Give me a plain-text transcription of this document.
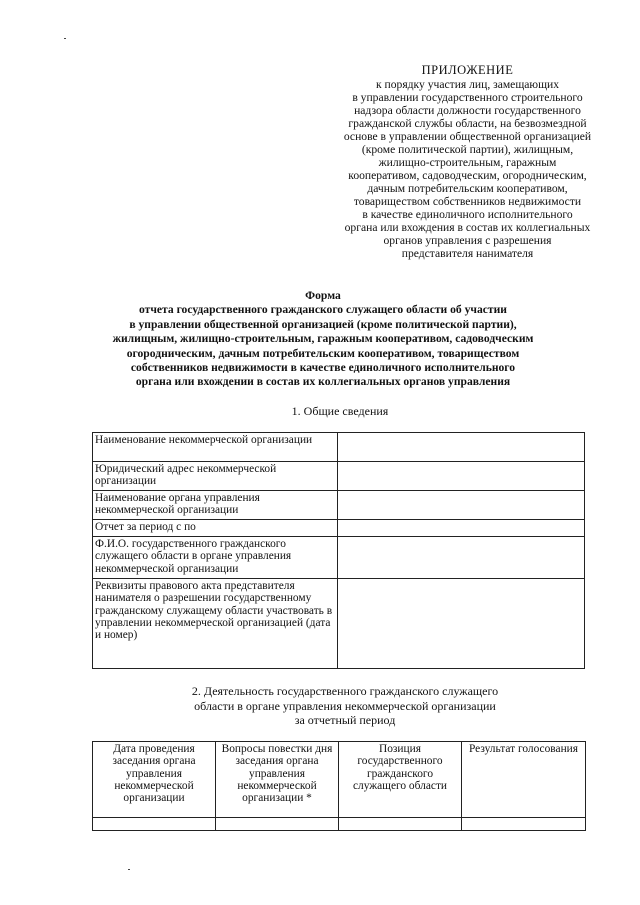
ПРИЛОЖЕНИЕ
к порядку участия лиц, замещающих
в управлении государственного строительного
надзора области должности государственного
гражданской службы области, на безвозмездной
основе в управлении общественной организацией
(кроме политической партии), жилищным,
жилищно-строительным, гаражным
кооперативом, садоводческим, огородническим,
дачным потребительским кооперативом,
товариществом собственников недвижимости
в качестве единоличного исполнительного
органа или вхождения в состав их коллегиальных
органов управления с разрешения
представителя нанимателя
Форма
отчета государственного гражданского служащего области об участии
в управлении общественной организацией (кроме политической партии),
жилищным, жилищно-строительным, гаражным кооперативом, садоводческим
огородническим, дачным потребительским кооперативом, товариществом
собственников недвижимости в качестве единоличного исполнительного
органа или вхождении в состав их коллегиальных органов управления
1. Общие сведения
Наименование некоммерческой организации	
Юридический адрес некоммерческой организации	
Наименование органа управления некоммерческой организации	
Отчет за период с по	
Ф.И.О. государственного гражданского служащего области в органе управления некоммерческой организации	
Реквизиты правового акта представителя нанимателя о разрешении государственному гражданскому служащему области участвовать в управлении некоммерческой организацией (дата и номер)	
2. Деятельность государственного гражданского служащего
области в органе управления некоммерческой организации
за отчетный период
Дата проведения заседания органа управления некоммерческой организации	Вопросы повестки дня заседания органа управления некоммерческой организации *	Позиция государственного гражданского служащего области	Результат голосования
